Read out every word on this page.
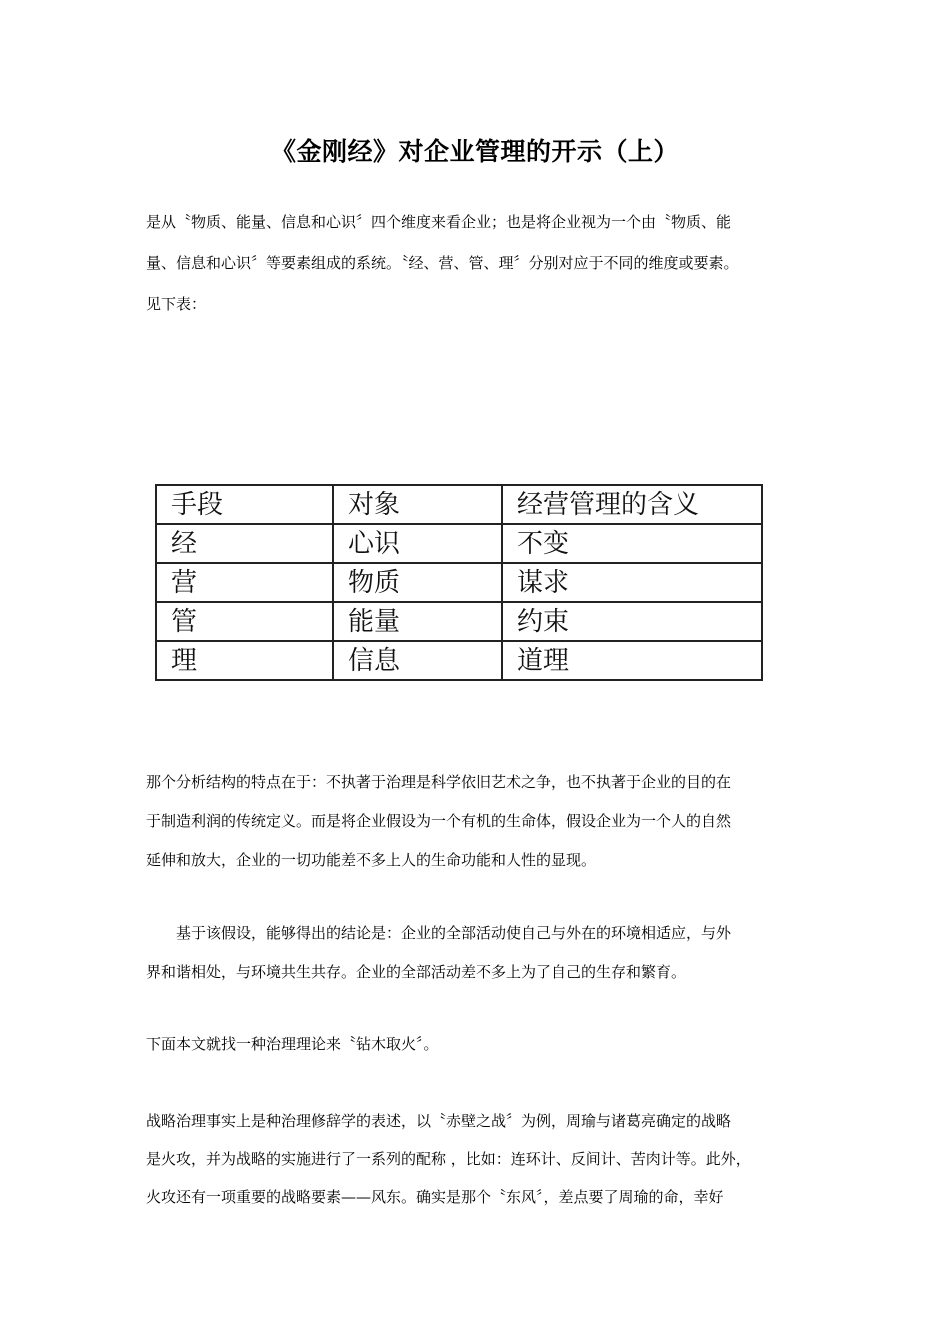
《金刚经》对企业管理的开示（上）
是从〝物质、能量、信息和心识〞四个维度来看企业；也是将企业视为一个由〝物质、能
量、信息和心识〞等要素组成的系统。〝经、营、管、理〞分别对应于不同的维度或要素。
见下表：
手段	对象	经营管理的含义
经	心识	不变
营	物质	谋求
管	能量	约束
理	信息	道理
那个分析结构的特点在于：不执著于治理是科学依旧艺术之争，也不执著于企业的目的在
于制造利润的传统定义。而是将企业假设为一个有机的生命体，假设企业为一个人的自然
延伸和放大，企业的一切功能差不多上人的生命功能和人性的显现。
　　基于该假设，能够得出的结论是：企业的全部活动使自己与外在的环境相适应，与外
界和谐相处，与环境共生共存。企业的全部活动差不多上为了自己的生存和繁育。
下面本文就找一种治理理论来〝钻木取火〞。
战略治理事实上是种治理修辞学的表述，以〝赤壁之战〞为例，周瑜与诸葛亮确定的战略
是火攻，并为战略的实施进行了一系列的配称 ，比如：连环计、反间计、苦肉计等。此外，
火攻还有一项重要的战略要素——风东。确实是那个〝东风〞，差点要了周瑜的命，幸好
